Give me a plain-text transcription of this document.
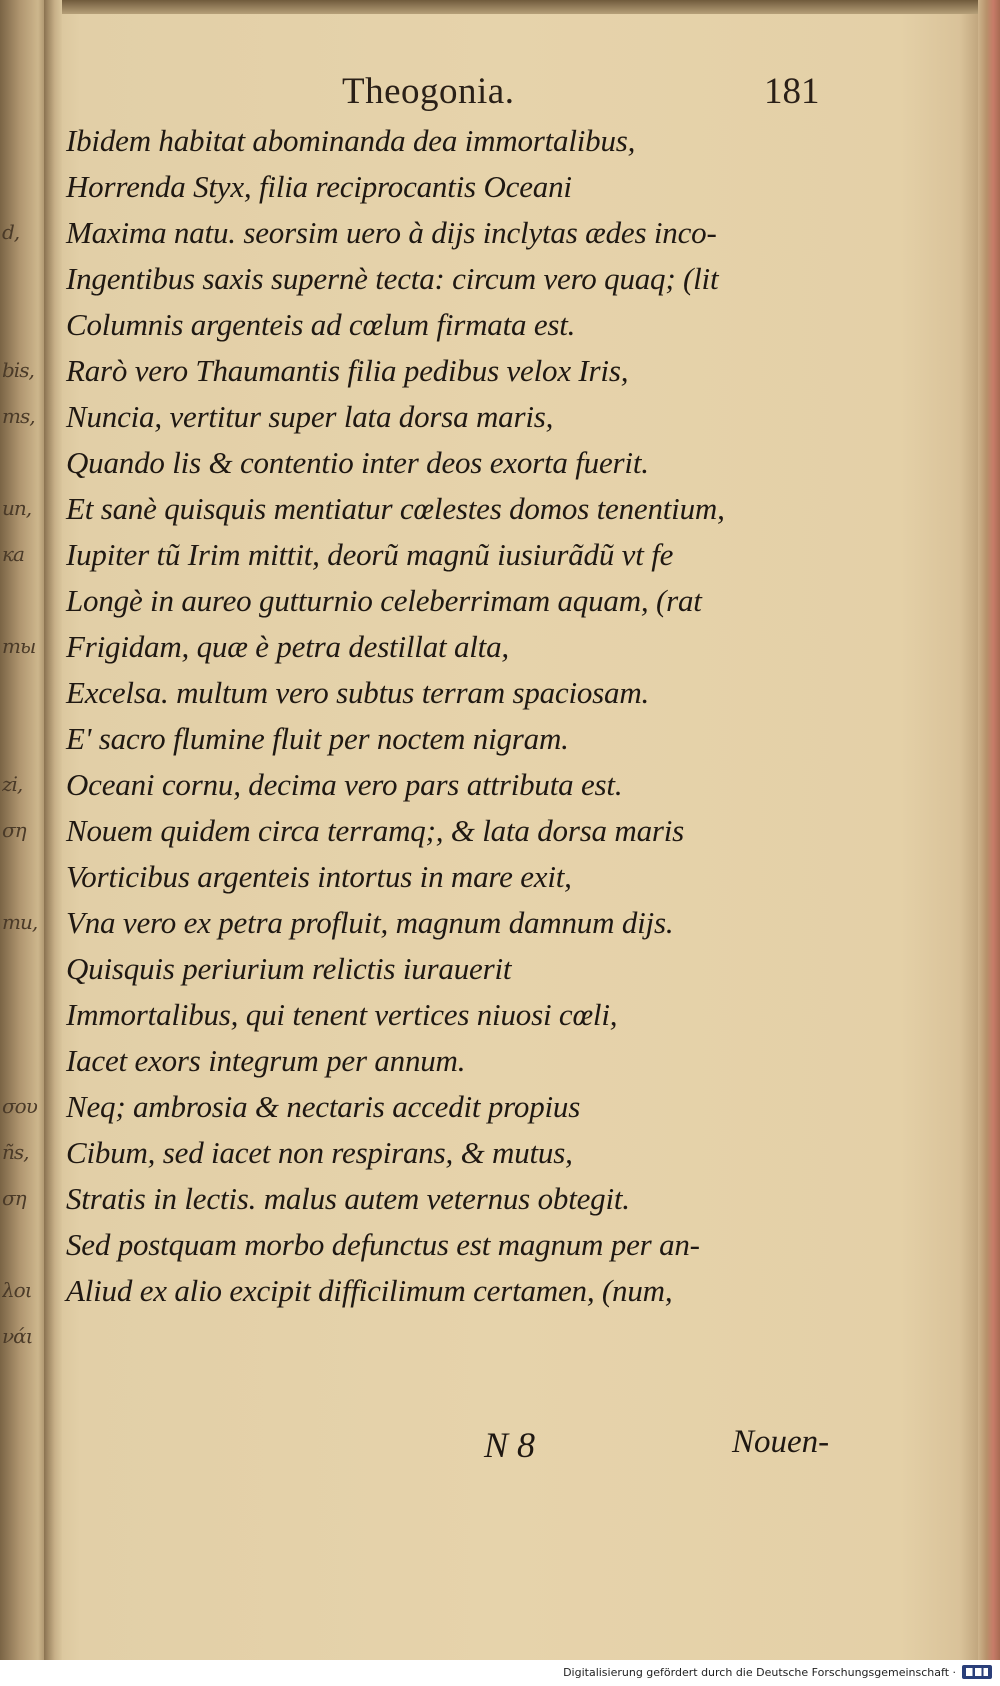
d,
bis,
ms,
un,
ка
ты
zi,
ση
ти,
σου
ñs,
ση
λοι
νάι
Theogonia.	181
Ibidem habitat abominanda dea immortalibus,
Horrenda Styx, filia reciprocantis Oceani
Maxima natu. seorsim uero à dijs inclytas ædes inco-
Ingentibus saxis supernè tecta: circum vero quaq; (lit
Columnis argenteis ad cœlum firmata est.
Rarò vero Thaumantis filia pedibus velox Iris,
Nuncia, vertitur super lata dorsa maris,
Quando lis & contentio inter deos exorta fuerit.
Et sanè quisquis mentiatur cœlestes domos tenentium,
Iupiter tũ Irim mittit, deorũ magnũ iusiurãdũ vt fe
Longè in aureo gutturnio celeberrimam aquam, (rat
Frigidam, quæ è petra destillat alta,
Excelsa. multum vero subtus terram spaciosam.
E' sacro flumine fluit per noctem nigram.
Oceani cornu, decima vero pars attributa est.
Nouem quidem circa terramq;, & lata dorsa maris
Vorticibus argenteis intortus in mare exit,
Vna vero ex petra profluit, magnum damnum dijs.
Quisquis periurium relictis iurauerit
Immortalibus, qui tenent vertices niuosi cœli,
Iacet exors integrum per annum.
Neq; ambrosia & nectaris accedit propius
Cibum, sed iacet non respirans, & mutus,
Stratis in lectis. malus autem veternus obtegit.
Sed postquam morbo defunctus est magnum per an-
Aliud ex alio excipit difficilimum certamen, (num,
N 8	Nouen-
Digitalisierung gefördert durch die Deutsche Forschungsgemeinschaft ·
